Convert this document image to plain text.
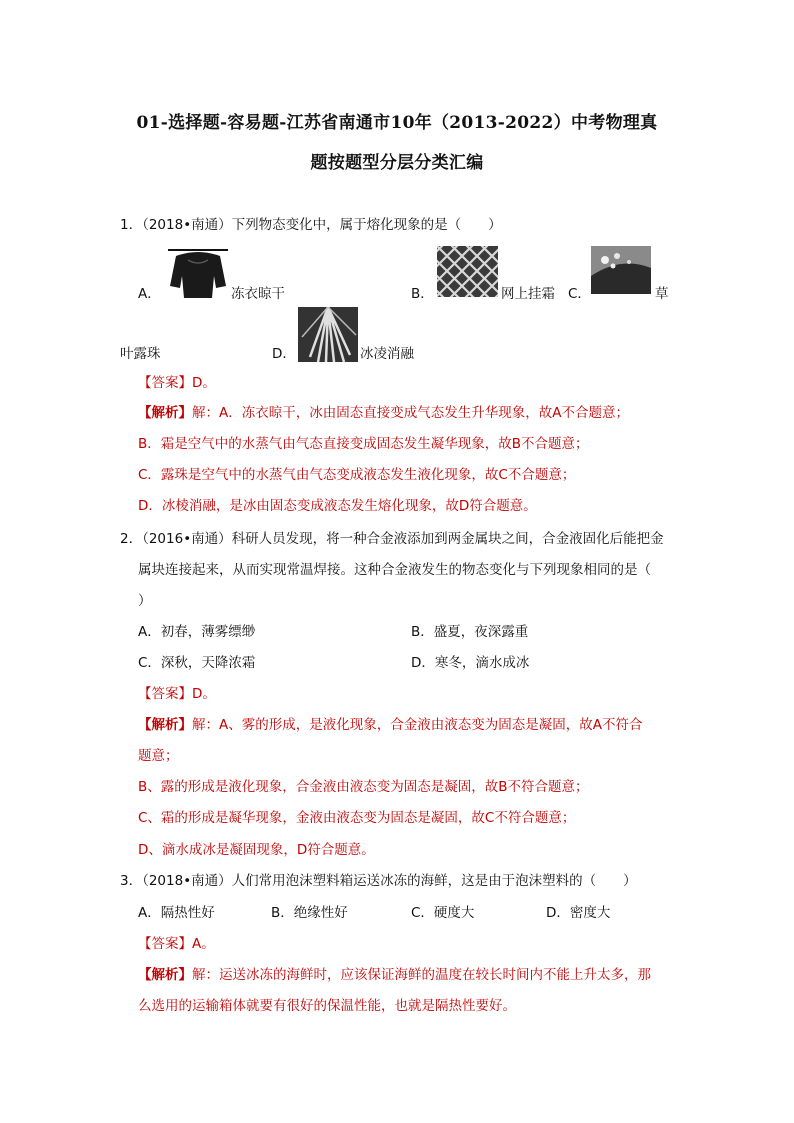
01-选择题-容易题-江苏省南通市10年（2013-2022）中考物理真
题按题型分层分类汇编
1．（2018•南通）下列物态变化中，属于熔化现象的是（　　）
A．	冻衣晾干	B．	网上挂霜 C．	草
叶露珠	D．	冰凌消融
【答案】D。
【解析】解：A．冻衣晾干，冰由固态直接变成气态发生升华现象，故A不合题意；
B．霜是空气中的水蒸气由气态直接变成固态发生凝华现象，故B不合题意；
C．露珠是空气中的水蒸气由气态变成液态发生液化现象，故C不合题意；
D．冰棱消融，是冰由固态变成液态发生熔化现象，故D符合题意。
2．（2016•南通）科研人员发现，将一种合金液添加到两金属块之间，合金液固化后能把金
属块连接起来，从而实现常温焊接。这种合金液发生的物态变化与下列现象相同的是（
）
A．初春，薄雾缥缈	B．盛夏，夜深露重
C．深秋，天降浓霜	D．寒冬，滴水成冰
【答案】D。
【解析】解：A、雾的形成，是液化现象，合金液由液态变为固态是凝固，故A不符合
题意；
B、露的形成是液化现象，合金液由液态变为固态是凝固，故B不符合题意；
C、霜的形成是凝华现象，金液由液态变为固态是凝固，故C不符合题意；
D、滴水成冰是凝固现象，D符合题意。
3．（2018•南通）人们常用泡沫塑料箱运送冰冻的海鲜，这是由于泡沫塑料的（　　）
A．隔热性好	B．绝缘性好	C．硬度大	D．密度大
【答案】A。
【解析】解：运送冰冻的海鲜时，应该保证海鲜的温度在较长时间内不能上升太多，那
么选用的运输箱体就要有很好的保温性能，也就是隔热性要好。
